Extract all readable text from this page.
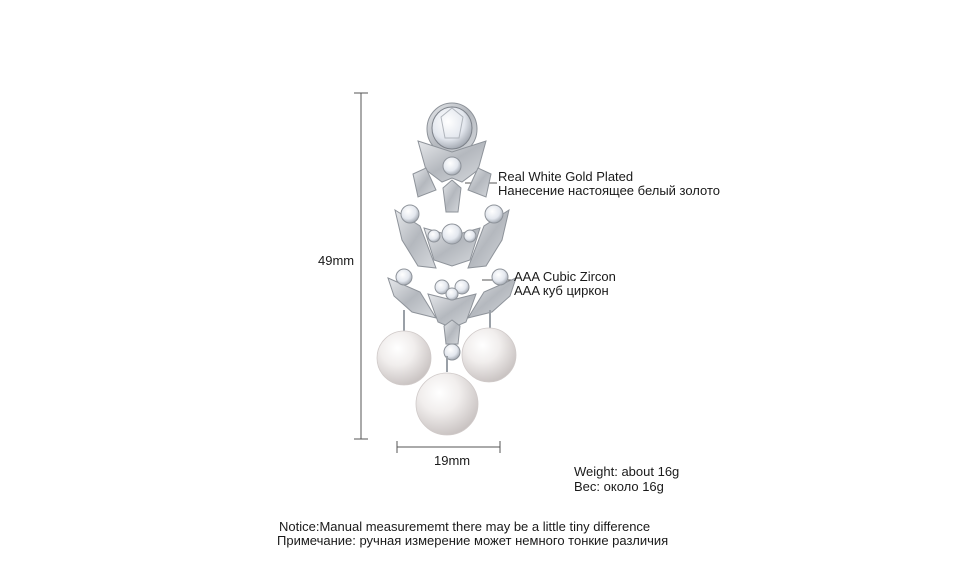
49mm
19mm
Real White Gold Plated
Нанесение настоящее белый золото
AAA Cubic Zircon
AAA куб циркон
Weight: about 16g
Вес: около 16g
Notice:Manual measurememt there may be a little tiny difference
Примечание: ручная измерение может немного тонкие различия
